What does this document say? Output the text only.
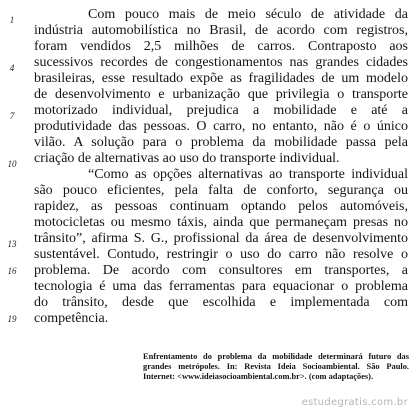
1
4
7
10
13
16
19
Com pouco mais de meio século de atividade da
indústria automobilística no Brasil, de acordo com registros,
foram vendidos 2,5 milhões de carros. Contraposto aos
sucessivos recordes de congestionamentos nas grandes cidades
brasileiras, esse resultado expõe as fragilidades de um modelo
de desenvolvimento e urbanização que privilegia o transporte
motorizado individual, prejudica a mobilidade e até a
produtividade das pessoas. O carro, no entanto, não é o único
vilão. A solução para o problema da mobilidade passa pela
criação de alternativas ao uso do transporte individual.
“Como as opções alternativas ao transporte individual
são pouco eficientes, pela falta de conforto, segurança ou
rapidez, as pessoas continuam optando pelos automóveis,
motocicletas ou mesmo táxis, ainda que permaneçam presas no
trânsito”, afirma S. G., profissional da área de desenvolvimento
sustentável. Contudo, restringir o uso do carro não resolve o
problema. De acordo com consultores em transportes, a
tecnologia é uma das ferramentas para equacionar o problema
do trânsito, desde que escolhida e implementada com
competência.
Enfrentamento do problema da mobilidade determinará futuro das
grandes metrópoles. In: Revista Ideia Socioambiental. São Paulo.
Internet: <www.ideiasocioambiental.com.br>. (com adaptações).
estudegratis.com.br
